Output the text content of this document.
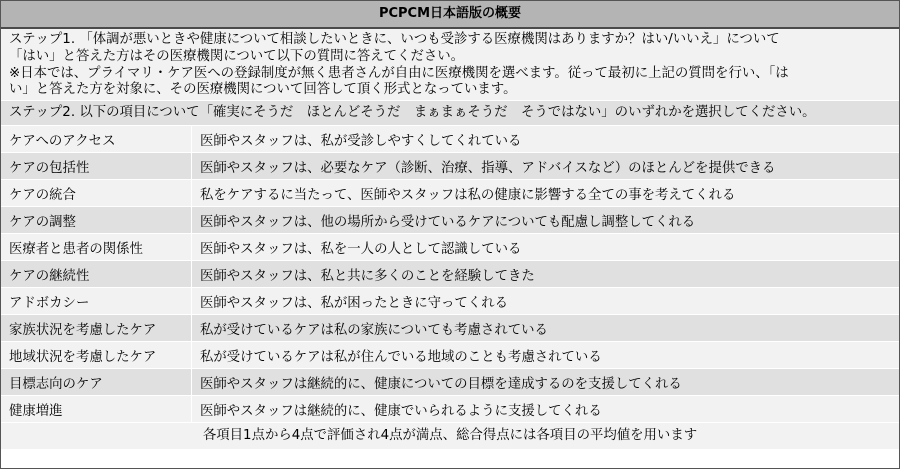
PCPCM日本語版の概要

ステップ1. 「体調が悪いときや健康について相談したいときに、いつも受診する医療機関はありますか？はい/いいえ」について

「はい」と答えた方はその医療機関について以下の質問に答えてください。

※日本では、プライマリ・ケア医への登録制度が無く患者さんが自由に医療機関を選べます。従って最初に上記の質問を行い、「は

い」と答えた方を対象に、その医療機関について回答して頂く形式となっています。

ステップ2. 以下の項目について「確実にそうだ　ほとんどそうだ　まぁまぁそうだ　そうではない」のいずれかを選択してください。
ケアへのアクセス	医師やスタッフは、私が受診しやすくしてくれている
ケアの包括性	医師やスタッフは、必要なケア（診断、治療、指導、アドバイスなど）のほとんどを提供できる
ケアの統合	私をケアするに当たって、医師やスタッフは私の健康に影響する全ての事を考えてくれる
ケアの調整	医師やスタッフは、他の場所から受けているケアについても配慮し調整してくれる
医療者と患者の関係性	医師やスタッフは、私を一人の人として認識している
ケアの継続性	医師やスタッフは、私と共に多くのことを経験してきた
アドボカシー	医師やスタッフは、私が困ったときに守ってくれる
家族状況を考慮したケア	私が受けているケアは私の家族についても考慮されている
地域状況を考慮したケア	私が受けているケアは私が住んでいる地域のことも考慮されている
目標志向のケア	医師やスタッフは継続的に、健康についての目標を達成するのを支援してくれる
健康増進	医師やスタッフは継続的に、健康でいられるように支援してくれる
各項目1点から4点で評価され4点が満点、総合得点には各項目の平均値を用います
